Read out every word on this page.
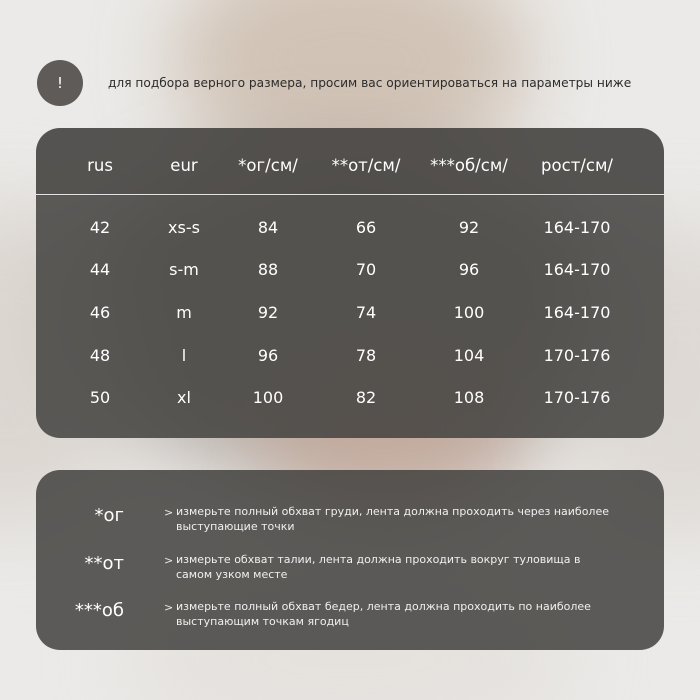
!	для подбора верного размера, просим вас ориентироваться на параметры ниже
rus	eur *ог/см/ **от/см/ ***об/см/ рост/см/
42	xs-s	84	66	92	164-170
44	s-m	88	70	96	164-170
46	m	92	74	100	164-170
48	l	96	78	104	170-176
50	xl	100	82	108	170-176
*ог	> измерьте полный обхват груди, лента должна проходить через наиболее выступающие точки
**от	> измерьте обхват талии, лента должна проходить вокруг туловища в самом узком месте
***об	> измерьте полный обхват бедер, лента должна проходить по наиболее выступающим точкам ягодиц
